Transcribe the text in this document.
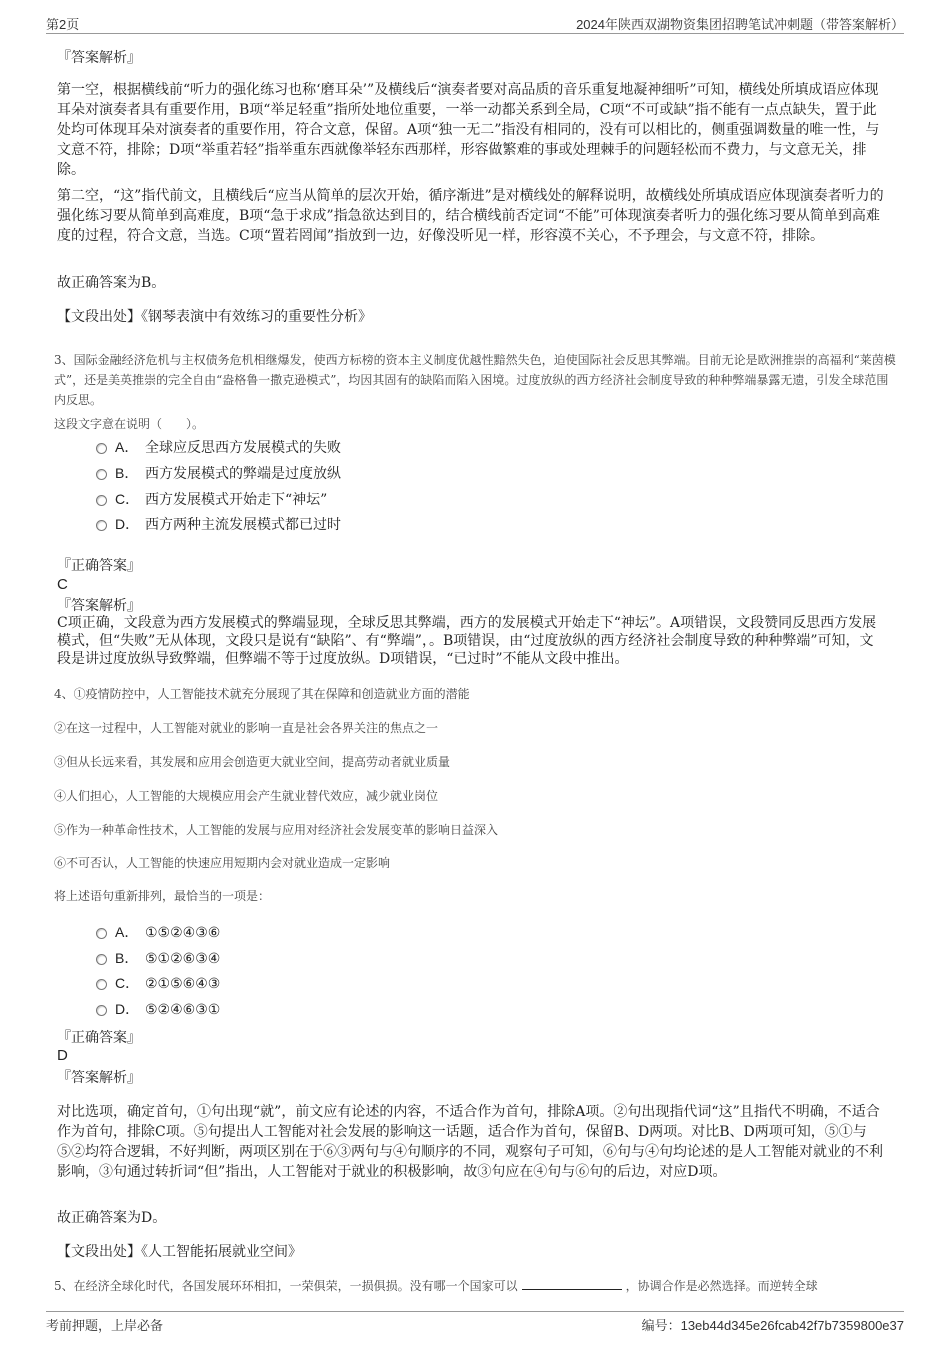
第2页	2024年陕西双湖物资集团招聘笔试冲刺题（带答案解析）
『答案解析』
第一空，根据横线前“听力的强化练习也称‘磨耳朵’”及横线后“演奏者要对高品质的音乐重复地凝神细听”可知，横线处所填成语应体现耳朵对演奏者具有重要作用，B项“举足轻重”指所处地位重要，一举一动都关系到全局，C项“不可或缺”指不能有一点点缺失，置于此处均可体现耳朵对演奏者的重要作用，符合文意，保留。A项“独一无二”指没有相同的，没有可以相比的，侧重强调数量的唯一性，与文意不符，排除；D项“举重若轻”指举重东西就像举轻东西那样，形容做繁难的事或处理棘手的问题轻松而不费力，与文意无关，排除。
第二空，“这”指代前文，且横线后“应当从简单的层次开始，循序渐进”是对横线处的解释说明，故横线处所填成语应体现演奏者听力的强化练习要从简单到高难度，B项“急于求成”指急欲达到目的，结合横线前否定词“不能”可体现演奏者听力的强化练习要从简单到高难度的过程，符合文意，当选。C项“置若罔闻”指放到一边，好像没听见一样，形容漠不关心，不予理会，与文意不符，排除。
故正确答案为B。
【文段出处】《钢琴表演中有效练习的重要性分析》
3、国际金融经济危机与主权债务危机相继爆发，使西方标榜的资本主义制度优越性黯然失色，迫使国际社会反思其弊端。目前无论是欧洲推崇的高福利“莱茵模式”，还是美英推崇的完全自由“盎格鲁一撒克逊模式”，均因其固有的缺陷而陷入困境。过度放纵的西方经济社会制度导致的种种弊端暴露无遗，引发全球范围内反思。
这段文字意在说明（　　）。
A． 全球应反思西方发展模式的失败
B． 西方发展模式的弊端是过度放纵
C． 西方发展模式开始走下“神坛”
D． 西方两种主流发展模式都已过时
『正确答案』
C
『答案解析』
C项正确，文段意为西方发展模式的弊端显现，全球反思其弊端，西方的发展模式开始走下“神坛”。A项错误，文段赞同反思西方发展模式，但“失败”无从体现，文段只是说有“缺陷”、有“弊端”，。B项错误，由“过度放纵的西方经济社会制度导致的种种弊端”可知，文段是讲过度放纵导致弊端，但弊端不等于过度放纵。D项错误，“已过时”不能从文段中推出。
4、①疫情防控中，人工智能技术就充分展现了其在保障和创造就业方面的潜能
②在这一过程中，人工智能对就业的影响一直是社会各界关注的焦点之一
③但从长远来看，其发展和应用会创造更大就业空间，提高劳动者就业质量
④人们担心，人工智能的大规模应用会产生就业替代效应，减少就业岗位
⑤作为一种革命性技术，人工智能的发展与应用对经济社会发展变革的影响日益深入
⑥不可否认，人工智能的快速应用短期内会对就业造成一定影响
将上述语句重新排列，最恰当的一项是：
A． ①⑤②④③⑥
B． ⑤①②⑥③④
C． ②①⑤⑥④③
D． ⑤②④⑥③①
『正确答案』
D
『答案解析』
对比选项，确定首句，①句出现“就”，前文应有论述的内容，不适合作为首句，排除A项。②句出现指代词“这”且指代不明确，不适合作为首句，排除C项。⑤句提出人工智能对社会发展的影响这一话题，适合作为首句，保留B、D两项。对比B、D两项可知，⑤①与⑤②均符合逻辑，不好判断，两项区别在于⑥③两句与④句顺序的不同，观察句子可知，⑥句与④句均论述的是人工智能对就业的不利影响，③句通过转折词“但”指出，人工智能对于就业的积极影响，故③句应在④句与⑥句的后边，对应D项。
故正确答案为D。
【文段出处】《人工智能拓展就业空间》
5、在经济全球化时代，各国发展环环相扣，一荣俱荣，一损俱损。没有哪一个国家可以	，协调合作是必然选择。而逆转全球
考前押题，上岸必备	编号：13eb44d345e26fcab42f7b7359800e37
